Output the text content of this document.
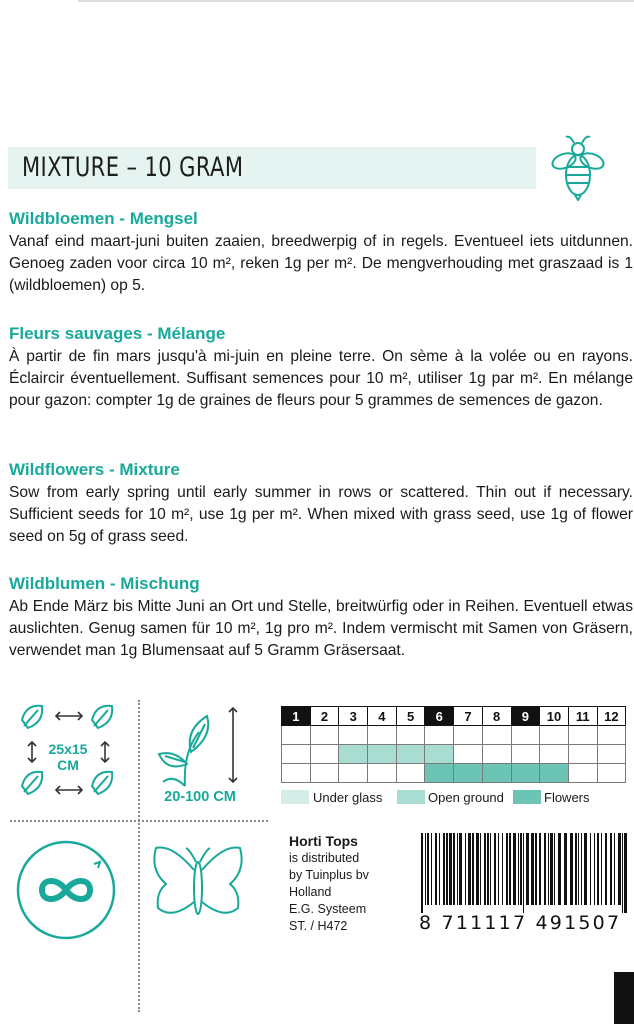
MIXTURE – 10 GRAM
Wildbloemen - Mengsel

Vanaf eind maart-juni buiten zaaien, breedwerpig of in regels. Eventueel iets uitdunnen. Genoeg zaden voor circa 10 m², reken 1g per m². De mengverhouding met graszaad is 1 (wildbloemen) op 5.

Fleurs sauvages - Mélange

À partir de fin mars jusqu'à mi-juin en pleine terre. On sème à la volée ou en rayons. Éclaircir éventuellement. Suffisant semences pour 10 m², utiliser 1g par m². En mélange pour gazon: compter 1g de graines de fleurs pour 5 grammes de semences de gazon.

Wildflowers - Mixture

Sow from early spring until early summer in rows or scattered. Thin out if necessary. Sufficient seeds for 10 m², use 1g per m². When mixed with grass seed, use 1g of flower seed on 5g of grass seed.

Wildblumen - Mischung

Ab Ende März bis Mitte Juni an Ort und Stelle, breitwürfig oder in Reihen. Eventuell etwas auslichten. Genug samen für 10 m², 1g pro m². Indem vermischt mit Samen von Gräsern, verwendet man 1g Blumensaat auf 5 Gramm Gräsersaat.

25x15
CM
20-100 CM
1	2	3	4	5	6	7	8	9	10	11	12

Under glass	Open ground	Flowers
Horti Tops
is distributed
by Tuinplus bv
Holland
E.G. Systeem
ST. / H472	8 711117 491507
